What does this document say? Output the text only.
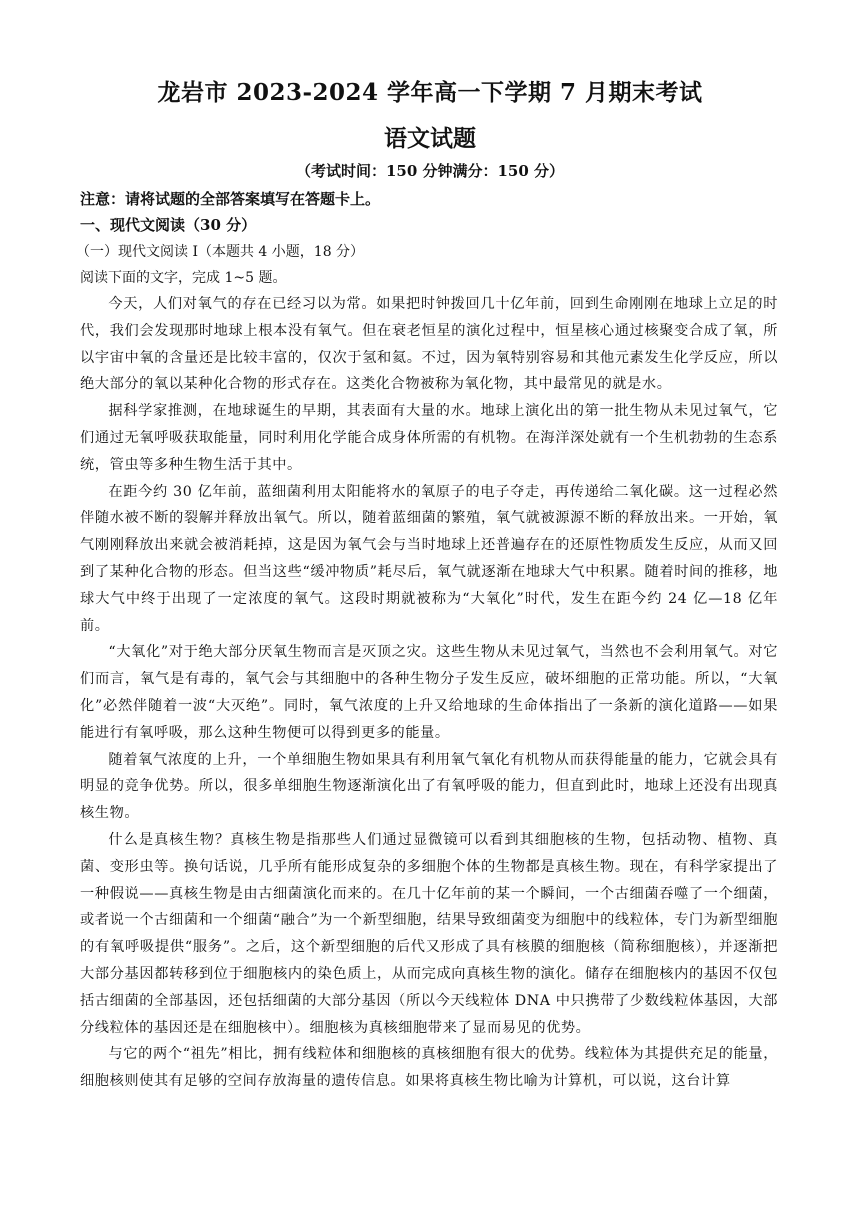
龙岩市 2023-2024 学年高一下学期 7 月期末考试
语文试题
（考试时间：150 分钟满分：150 分）
注意：请将试题的全部答案填写在答题卡上。
一、现代文阅读（30 分）
（一）现代文阅读 I（本题共 4 小题，18 分）
阅读下面的文字，完成 1~5 题。

今天，人们对氧气的存在已经习以为常。如果把时钟拨回几十亿年前，回到生命刚刚在地球上立足的时代，我们会发现那时地球上根本没有氧气。但在衰老恒星的演化过程中，恒星核心通过核聚变合成了氧，所以宇宙中氧的含量还是比较丰富的，仅次于氢和氦。不过，因为氧特别容易和其他元素发生化学反应，所以绝大部分的氧以某种化合物的形式存在。这类化合物被称为氧化物，其中最常见的就是水。

据科学家推测，在地球诞生的早期，其表面有大量的水。地球上演化出的第一批生物从未见过氧气，它们通过无氧呼吸获取能量，同时利用化学能合成身体所需的有机物。在海洋深处就有一个生机勃勃的生态系统，管虫等多种生物生活于其中。

在距今约 30 亿年前，蓝细菌利用太阳能将水的氧原子的电子夺走，再传递给二氧化碳。这一过程必然伴随水被不断的裂解并释放出氧气。所以，随着蓝细菌的繁殖，氧气就被源源不断的释放出来。一开始，氧气刚刚释放出来就会被消耗掉，这是因为氧气会与当时地球上还普遍存在的还原性物质发生反应，从而又回到了某种化合物的形态。但当这些“缓冲物质”耗尽后，氧气就逐渐在地球大气中积累。随着时间的推移，地球大气中终于出现了一定浓度的氧气。这段时期就被称为“大氧化”时代，发生在距今约 24 亿—18 亿年前。

“大氧化”对于绝大部分厌氧生物而言是灭顶之灾。这些生物从未见过氧气，当然也不会利用氧气。对它们而言，氧气是有毒的，氧气会与其细胞中的各种生物分子发生反应，破坏细胞的正常功能。所以，“大氧化”必然伴随着一波“大灭绝”。同时，氧气浓度的上升又给地球的生命体指出了一条新的演化道路——如果能进行有氧呼吸，那么这种生物便可以得到更多的能量。

随着氧气浓度的上升，一个单细胞生物如果具有利用氧气氧化有机物从而获得能量的能力，它就会具有明显的竞争优势。所以，很多单细胞生物逐渐演化出了有氧呼吸的能力，但直到此时，地球上还没有出现真核生物。

什么是真核生物？真核生物是指那些人们通过显微镜可以看到其细胞核的生物，包括动物、植物、真菌、变形虫等。换句话说，几乎所有能形成复杂的多细胞个体的生物都是真核生物。现在，有科学家提出了一种假说——真核生物是由古细菌演化而来的。在几十亿年前的某一个瞬间，一个古细菌吞噬了一个细菌，或者说一个古细菌和一个细菌“融合”为一个新型细胞，结果导致细菌变为细胞中的线粒体，专门为新型细胞的有氧呼吸提供“服务”。之后，这个新型细胞的后代又形成了具有核膜的细胞核（简称细胞核），并逐渐把大部分基因都转移到位于细胞核内的染色质上，从而完成向真核生物的演化。储存在细胞核内的基因不仅包括古细菌的全部基因，还包括细菌的大部分基因（所以今天线粒体 DNA 中只携带了少数线粒体基因，大部分线粒体的基因还是在细胞核中）。细胞核为真核细胞带来了显而易见的优势。

与它的两个“祖先”相比，拥有线粒体和细胞核的真核细胞有很大的优势。线粒体为其提供充足的能量，细胞核则使其有足够的空间存放海量的遗传信息。如果将真核生物比喻为计算机，可以说，这台计算
